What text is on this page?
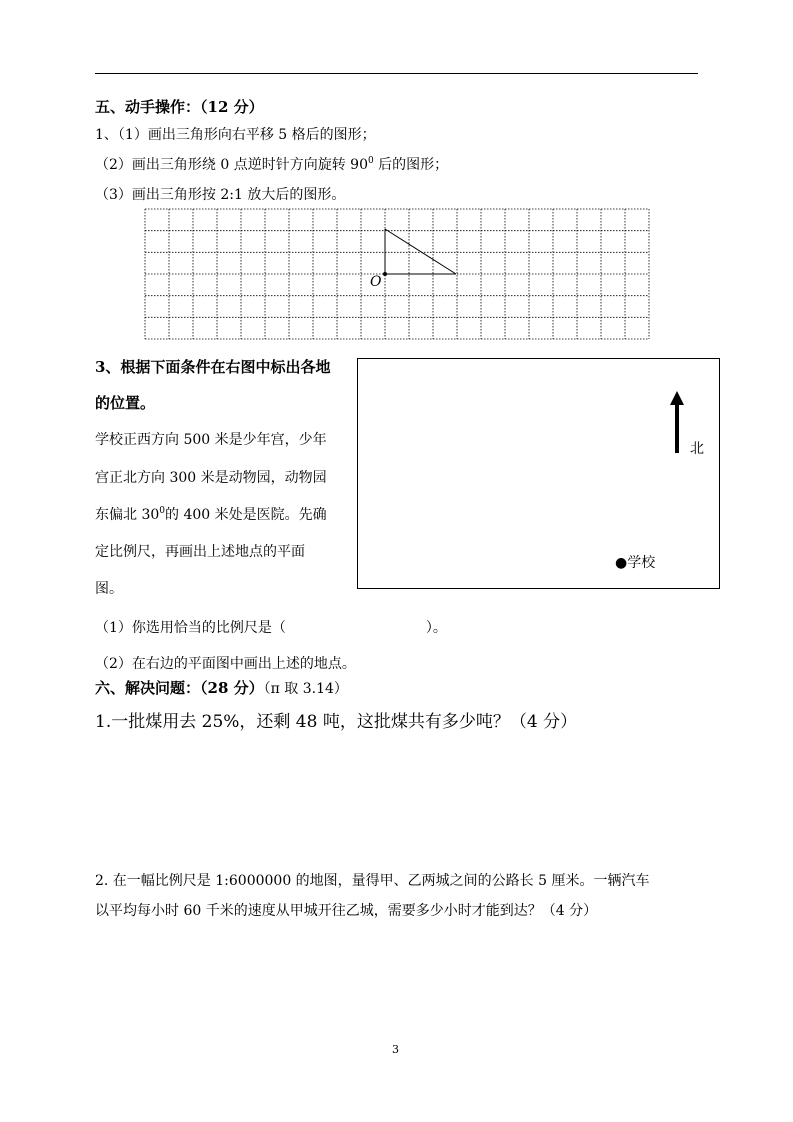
五、动手操作：（12 分）
1、（1）画出三角形向右平移 5 格后的图形；
（2）画出三角形绕 0 点逆时针方向旋转 $90^0$ 后的图形；
（3）画出三角形按 2:1 放大后的图形。
O
3、根据下面条件在右图中标出各地
的位置。
学校正西方向 500 米是少年宫，少年
宫正北方向 300 米是动物园，动物园
东偏北 $30^0$的 400 米处是医院。先确
定比例尺，再画出上述地点的平面
图。
北
●学校
（1）你选用恰当的比例尺是（	）。
（2）在右边的平面图中画出上述的地点。
六、解决问题：（28 分）（π 取 3.14）
1.一批煤用去 25%，还剩 48 吨，这批煤共有多少吨？（4 分）
2. 在一幅比例尺是 1:6000000 的地图，量得甲、乙两城之间的公路长 5 厘米。一辆汽车
以平均每小时 60 千米的速度从甲城开往乙城，需要多少小时才能到达？（4 分）
3
